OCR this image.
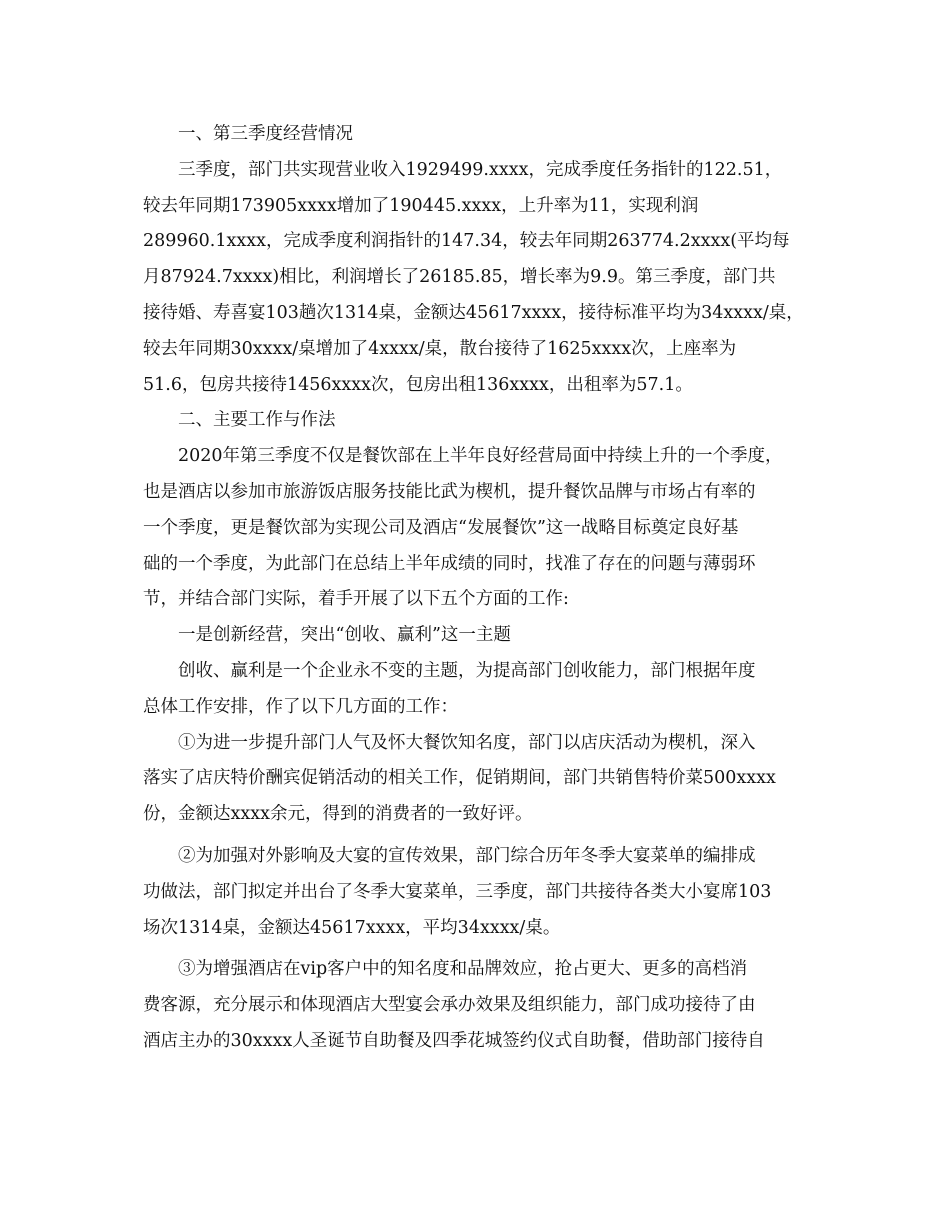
一、第三季度经营情况
三季度，部门共实现营业收入1929499.xxxx，完成季度任务指针的122.51，
较去年同期173905xxxx增加了190445.xxxx，上升率为11，实现利润
289960.1xxxx，完成季度利润指针的147.34，较去年同期263774.2xxxx(平均每
月87924.7xxxx)相比，利润增长了26185.85，增长率为9.9。第三季度，部门共
接待婚、寿喜宴103趟次1314桌，金额达45617xxxx，接待标准平均为34xxxx/桌，
较去年同期30xxxx/桌增加了4xxxx/桌，散台接待了1625xxxx次，上座率为
51.6，包房共接待1456xxxx次，包房出租136xxxx，出租率为57.1。
二、主要工作与作法
2020年第三季度不仅是餐饮部在上半年良好经营局面中持续上升的一个季度，
也是酒店以参加市旅游饭店服务技能比武为楔机，提升餐饮品牌与市场占有率的
一个季度，更是餐饮部为实现公司及酒店“发展餐饮”这一战略目标奠定良好基
础的一个季度，为此部门在总结上半年成绩的同时，找准了存在的问题与薄弱环
节，并结合部门实际，着手开展了以下五个方面的工作:
一是创新经营，突出“创收、赢利”这一主题
创收、赢利是一个企业永不变的主题，为提高部门创收能力，部门根据年度
总体工作安排，作了以下几方面的工作：
①为进一步提升部门人气及怀大餐饮知名度，部门以店庆活动为楔机，深入
落实了店庆特价酬宾促销活动的相关工作，促销期间，部门共销售特价菜500xxxx
份，金额达xxxx余元，得到的消费者的一致好评。
②为加强对外影响及大宴的宣传效果，部门综合历年冬季大宴菜单的编排成
功做法，部门拟定并出台了冬季大宴菜单，三季度，部门共接待各类大小宴席103
场次1314桌，金额达45617xxxx，平均34xxxx/桌。
③为增强酒店在vip客户中的知名度和品牌效应，抢占更大、更多的高档消
费客源，充分展示和体现酒店大型宴会承办效果及组织能力，部门成功接待了由
酒店主办的30xxxx人圣诞节自助餐及四季花城签约仪式自助餐，借助部门接待自
